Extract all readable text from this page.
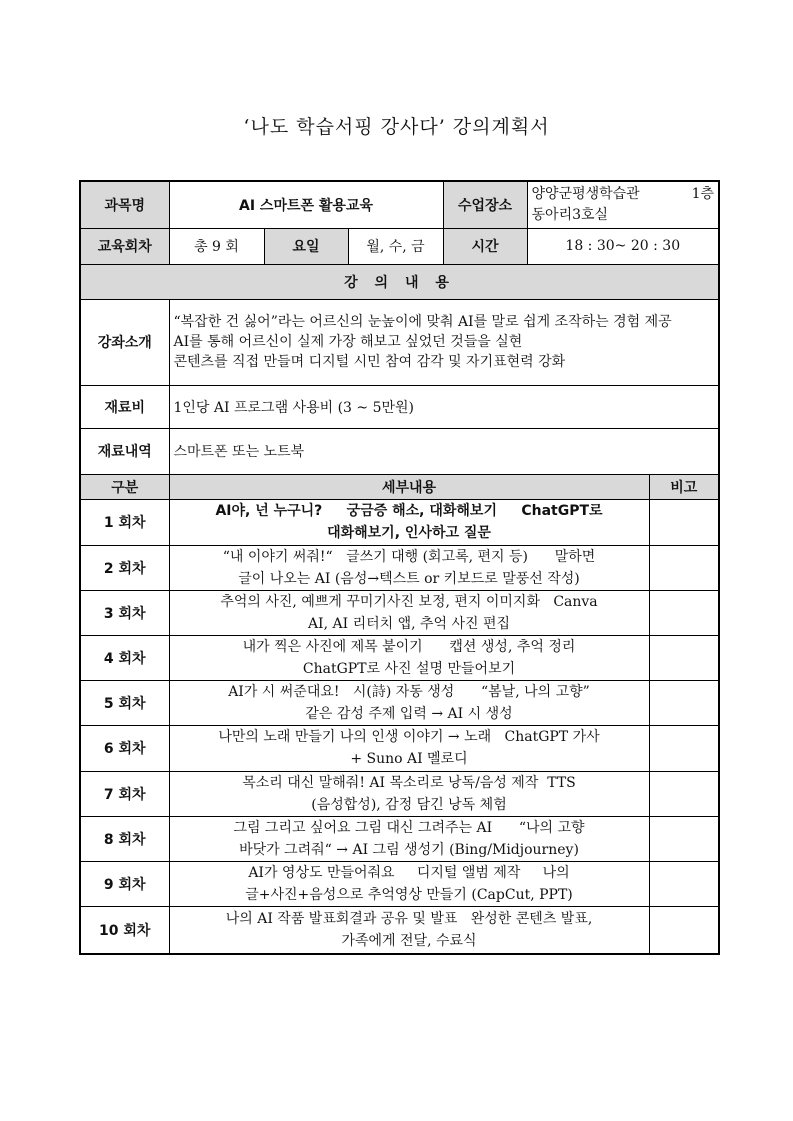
‘나도 학습서핑 강사다’ 강의계획서
과목명	AI 스마트폰 활용교육			수업장소	양양군평생학습관 1층
동아리3호실	

교육회차	총 9 회	요일	월, 수, 금	시간	18 : 30~ 20 : 30	
강 의 내 용						
강좌소개	“복잡한 건 싫어”라는 어르신의 눈높이에 맞춰 AI를 말로 쉽게 조작하는 경험 제공
AI를 통해 어르신이 실제 가장 해보고 싶었던 것들을 실현
콘텐츠를 직접 만들며 디지털 시민 참여 감각 및 자기표현력 강화					

재료비	1인당 AI 프로그램 사용비 (3 ~ 5만원)					
재료내역	스마트폰 또는 노트북					
구분	세부내용					비고
1 회차	AI야, 넌 누구니?     궁금증 해소, 대화해보기     ChatGPT로
대화해보기, 인사하고 질문					

2 회차	“내 이야기 써줘!“   글쓰기 대행 (회고록, 편지 등)      말하면
글이 나오는 AI (음성→텍스트 or 키보드로 말풍선 작성)					

3 회차	추억의 사진, 예쁘게 꾸미기사진 보정, 편지 이미지화   Canva
AI, AI 리터치 앱, 추억 사진 편집					

4 회차	내가 찍은 사진에 제목 붙이기      캡션 생성, 추억 정리
ChatGPT로 사진 설명 만들어보기					

5 회차	AI가 시 써준대요!   시(詩) 자동 생성      “봄날, 나의 고향”
같은 감성 주제 입력 → AI 시 생성					

6 회차	나만의 노래 만들기 나의 인생 이야기 → 노래   ChatGPT 가사
+ Suno AI 멜로디					

7 회차	목소리 대신 말해줘! AI 목소리로 낭독/음성 제작  TTS
(음성합성), 감정 담긴 낭독 체험					

8 회차	그림 그리고 싶어요 그림 대신 그려주는 AI      “나의 고향
바닷가 그려줘“ → AI 그림 생성기 (Bing/Midjourney)					

9 회차	AI가 영상도 만들어줘요     디지털 앨범 제작     나의
글+사진+음성으로 추억영상 만들기 (CapCut, PPT)					

10 회차	나의 AI 작품 발표회결과 공유 및 발표   완성한 콘텐츠 발표,
가족에게 전달, 수료식					
